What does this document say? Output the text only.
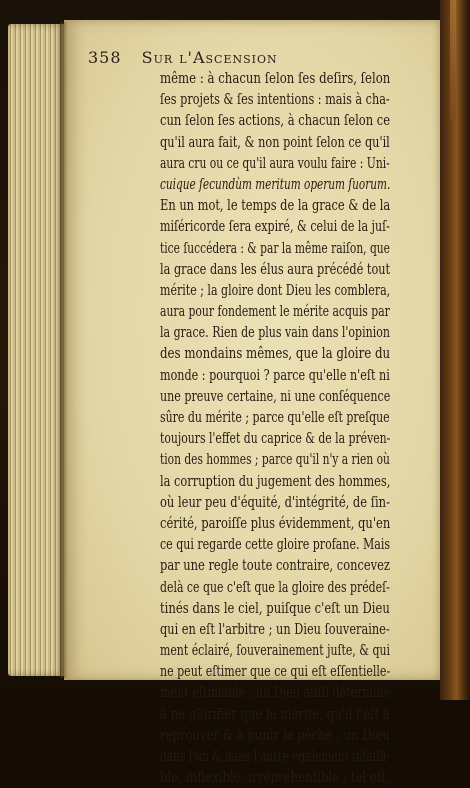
358 Sur l'Ascension
même : à chacun ſelon ſes deſirs, ſelon
ſes projets & ſes intentions : mais à cha-
cun ſelon ſes actions, à chacun ſelon ce
qu'il aura fait, & non point ſelon ce qu'il
aura cru ou ce qu'il aura voulu faire : Uni-
cuique ſecundùm meritum operum ſuorum.
En un mot, le temps de la grace & de la
miſéricorde ſera expiré, & celui de la juſ-
tice ſuccédera : & par la même raiſon, que
la grace dans les élus aura précédé tout
mérite ; la gloire dont Dieu les comblera,
aura pour fondement le mérite acquis par
la grace. Rien de plus vain dans l'opinion
des mondains mêmes, que la gloire du
monde : pourquoi ? parce qu'elle n'eſt ni
une preuve certaine, ni une conſéquence
sûre du mérite ; parce qu'elle eſt preſque
toujours l'effet du caprice & de la préven-
tion des hommes ; parce qu'il n'y a rien où
la corruption du jugement des hommes,
où leur peu d'équité, d'intégrité, de ſin-
cérité, paroiſſe plus évidemment, qu'en
ce qui regarde cette gloire profane. Mais
par une regle toute contraire, concevez
delà ce que c'eſt que la gloire des prédeſ-
tinés dans le ciel, puiſque c'eſt un Dieu
qui en eſt l'arbitre ; un Dieu ſouveraine-
ment éclairé, ſouverainement juſte, & qui
ne peut eſtimer que ce qui eſt eſſentielle-
ment eſtimable ; un Dieu auſſi déterminé
à ne glorifier que le mérite, qu'il l'eſt à
réprouver & à punir le péché ; un Dieu
dans l'un & dans l'autre également infailli-
ble, inflexible, irrépréhenſible ; tel eſt,
